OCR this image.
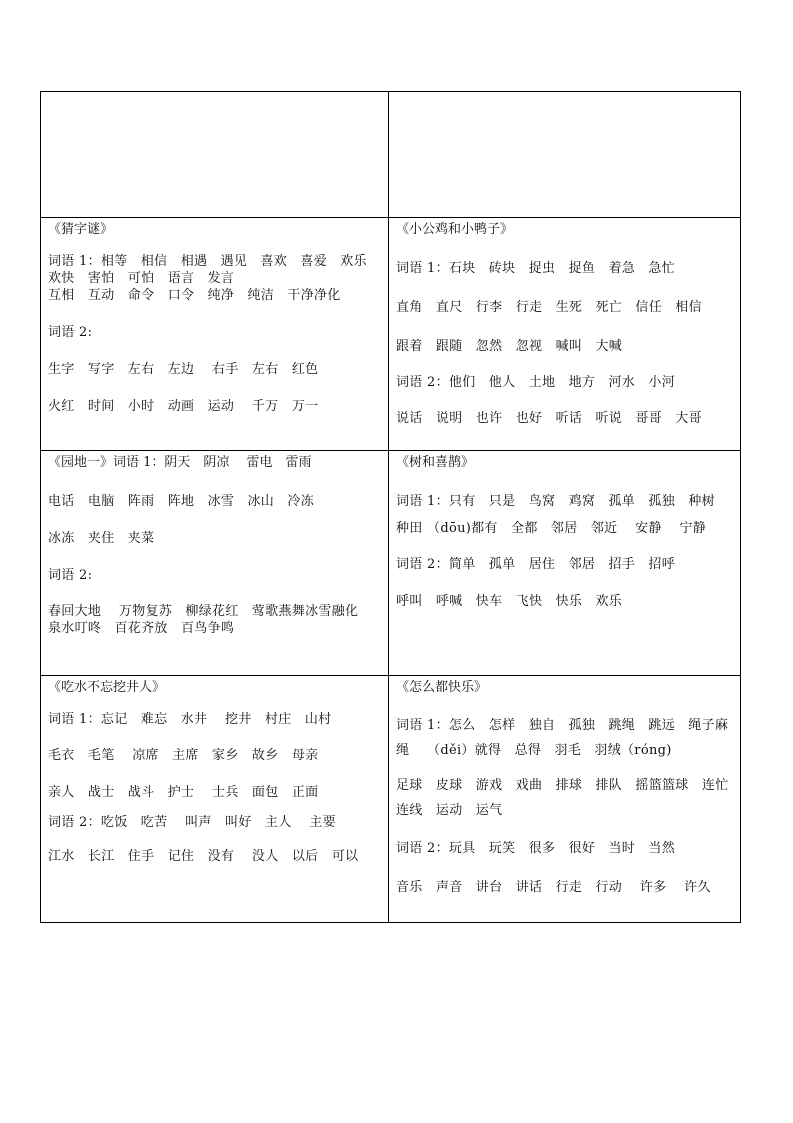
《猜字谜》
词语 1：相等　相信　相遇　遇见　喜欢　喜爱　欢乐　欢快　害怕　可怕　语言　发言
互相　互动　命令　口令　纯净　纯洁　干净净化
词语 2:
生字　写字　左右　左边　 右手　左右　红色
火红　时间　小时　动画　运动　 千万　万一
《小公鸡和小鸭子》
词语 1：石块　砖块　捉虫　捉鱼　着急　急忙
直角　直尺　行李　行走　生死　死亡　信任　相信
跟着　跟随　忽然　忽视　喊叫　大喊
词语 2：他们　他人　土地　地方　河水　小河
说话　说明　也许　也好　听话　听说　哥哥　大哥
《园地一》词语 1：阴天　阴凉　 雷电　雷雨
电话　电脑　阵雨　阵地　冰雪　冰山　冷冻
冰冻　夹住　夹菜
词语 2:
春回大地　 万物复苏　柳绿花红　莺歌燕舞冰雪融化　 泉水叮咚　百花齐放　百鸟争鸣
《树和喜鹊》
词语 1：只有　只是　鸟窝　鸡窝　孤单　孤独　种树
种田 （dōu)都有　全都　邻居　邻近　 安静　 宁静
词语 2：简单　孤单　居住　邻居　招手　招呼
呼叫　呼喊　快车　飞快　快乐　欢乐
《吃水不忘挖井人》
词语 1：忘记　难忘　水井　 挖井　村庄　山村
毛衣　毛笔　 凉席　主席　家乡　故乡　母亲
亲人　战士　战斗　护士　 士兵　面包　正面
词语 2：吃饭　吃苦　 叫声　叫好　主人　 主要
江水　长江　住手　记住　没有　 没人　以后　可以
《怎么都快乐》
词语 1：怎么　怎样　独自　孤独　跳绳　跳远　绳子麻绳　 （děi）就得　总得　羽毛　羽绒（róng)
足球　皮球　游戏　戏曲　排球　排队　摇篮篮球　连忙　连线　运动　运气
词语 2：玩具　玩笑　很多　很好　当时　当然
音乐　声音　讲台　讲话　行走　行动　 许多　 许久
